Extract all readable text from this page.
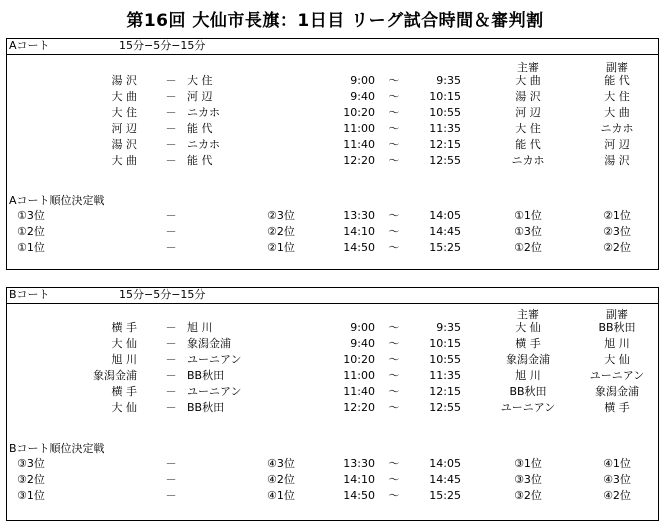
第16回 大仙市長旗：1日目 リーグ試合時間＆審判割
Aコート	15分−5分−15分
主審	副審
湯 沢	－ 大 住	9:00	～	9:35	大 曲	能 代
大 曲	－ 河 辺	9:40	～	10:15	湯 沢	大 住
大 住	－ ニカホ	10:20	～	10:55	河 辺	大 曲
河 辺	－ 能 代	11:00	～	11:35	大 住	ニカホ
湯 沢	－ ニカホ	11:40	～	12:15	能 代	河 辺
大 曲	－ 能 代	12:20	～	12:55	ニカホ	湯 沢
Aコート順位決定戦
①3位	－	②3位	13:30	～	14:05	①1位	②1位
①2位	－	②2位	14:10	～	14:45	①3位	②3位
①1位	－	②1位	14:50	～	15:25	①2位	②2位
Bコート	15分−5分−15分
主審	副審
横 手	－ 旭 川	9:00	～	9:35	大 仙	BB秋田
大 仙	－ 象潟金浦	9:40	～	10:15	横 手	旭 川
旭 川	－ ユーニアン	10:20	～	10:55	象潟金浦	大 仙
象潟金浦	－ BB秋田	11:00	～	11:35	旭 川	ユーニアン
横 手	－ ユーニアン	11:40	～	12:15	BB秋田	象潟金浦
大 仙	－ BB秋田	12:20	～	12:55	ユーニアン	横 手
Bコート順位決定戦
③3位	－	④3位	13:30	～	14:05	③1位	④1位
③2位	－	④2位	14:10	～	14:45	③3位	④3位
③1位	－	④1位	14:50	～	15:25	③2位	④2位
